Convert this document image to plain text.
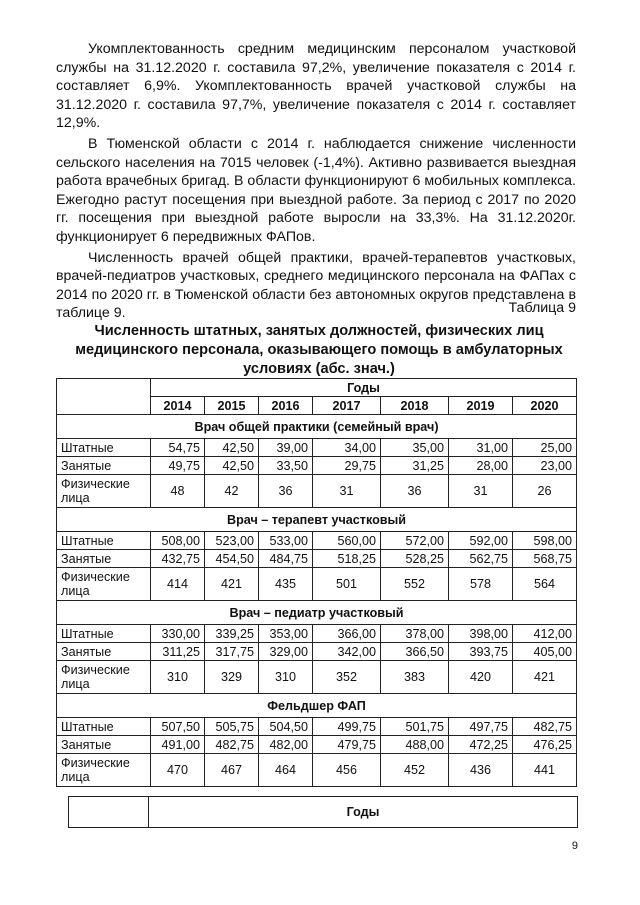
Укомплектованность средним медицинским персоналом участковой службы на 31.12.2020 г. составила 97,2%, увеличение показателя с 2014 г. составляет 6,9%. Укомплектованность врачей участковой службы на 31.12.2020 г. составила 97,7%, увеличение показателя с 2014 г. составляет 12,9%.

В Тюменской области с 2014 г. наблюдается снижение численности сельского населения на 7015 человек (-1,4%). Активно развивается выездная работа врачебных бригад. В области функционируют 6 мобильных комплекса. Ежегодно растут посещения при выездной работе. За период с 2017 по 2020 гг. посещения при выездной работе выросли на 33,3%. На 31.12.2020г. функционирует 6 передвижных ФАПов.

Численность врачей общей практики, врачей-терапевтов участковых, врачей-педиатров участковых, среднего медицинского персонала на ФАПах с 2014 по 2020 гг. в Тюменской области без автономных округов представлена в таблице 9.	Таблица 9
Численность штатных, занятых должностей, физических лиц медицинского персонала, оказывающего помощь в амбулаторных условиях (абс. знач.)
	Годы						
	2014	2015	2016	2017	2018	2019	2020
Врач общей практики (семейный врач)							
Штатные	54,75	42,50	39,00	34,00	35,00	31,00	25,00
Занятые	49,75	42,50	33,50	29,75	31,25	28,00	23,00
Физические лица	48	42	36	31	36	31	26
Врач – терапевт участковый							
Штатные	508,00	523,00	533,00	560,00	572,00	592,00	598,00
Занятые	432,75	454,50	484,75	518,25	528,25	562,75	568,75
Физические лица	414	421	435	501	552	578	564
Врач – педиатр участковый							
Штатные	330,00	339,25	353,00	366,00	378,00	398,00	412,00
Занятые	311,25	317,75	329,00	342,00	366,50	393,75	405,00
Физические лица	310	329	310	352	383	420	421
Фельдшер ФАП							
Штатные	507,50	505,75	504,50	499,75	501,75	497,75	482,75
Занятые	491,00	482,75	482,00	479,75	488,00	472,25	476,25
Физические лица	470	467	464	456	452	436	441
	Годы
9
